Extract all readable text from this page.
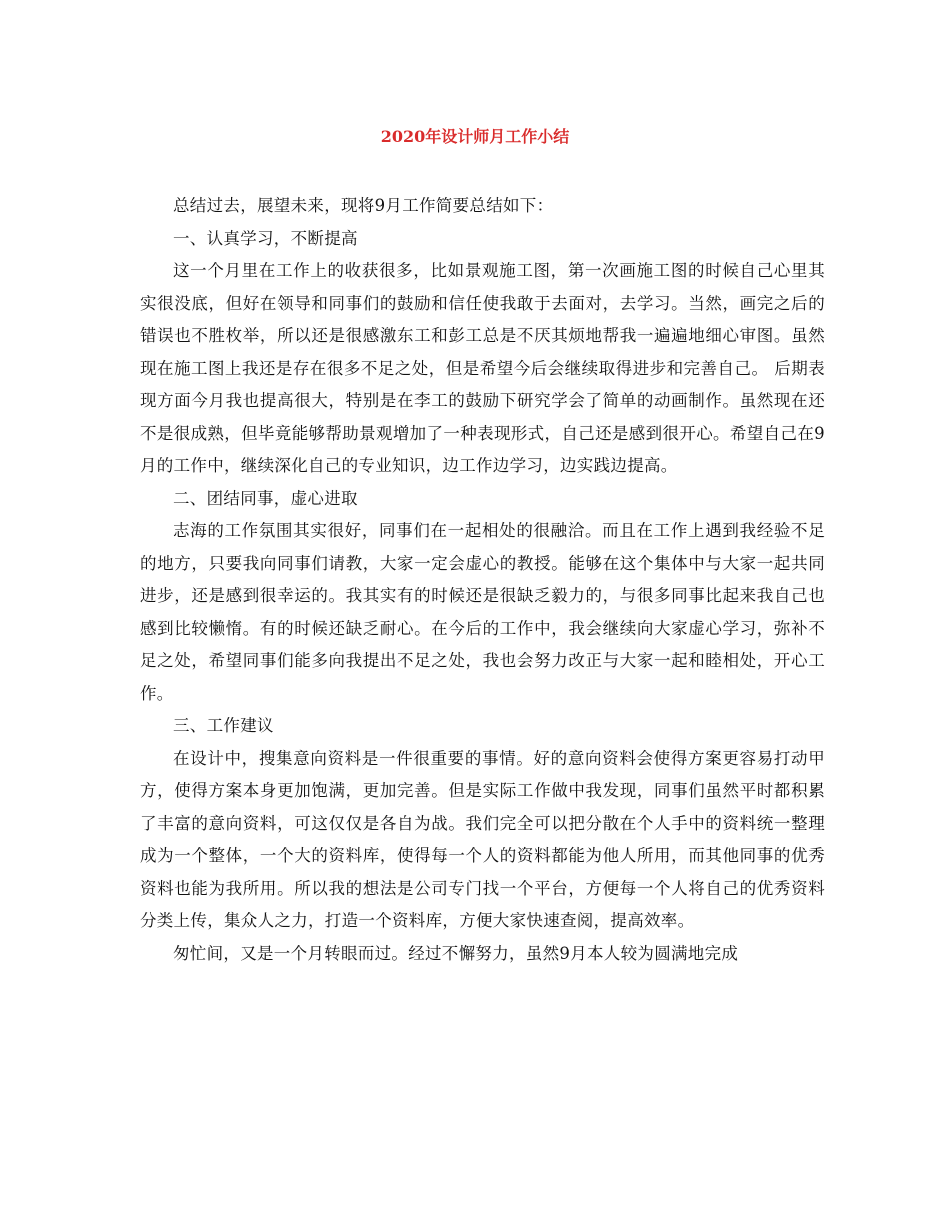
2020年设计师月工作小结

总结过去，展望未来，现将9月工作简要总结如下：

一、认真学习，不断提高

这一个月里在工作上的收获很多，比如景观施工图，第一次画施工图的时候自己心里其实很没底，但好在领导和同事们的鼓励和信任使我敢于去面对，去学习。当然，画完之后的错误也不胜枚举，所以还是很感激东工和彭工总是不厌其烦地帮我一遍遍地细心审图。虽然现在施工图上我还是存在很多不足之处，但是希望今后会继续取得进步和完善自己。 后期表现方面今月我也提高很大，特别是在李工的鼓励下研究学会了简单的动画制作。虽然现在还不是很成熟，但毕竟能够帮助景观增加了一种表现形式，自己还是感到很开心。希望自己在9月的工作中，继续深化自己的专业知识，边工作边学习，边实践边提高。

二、团结同事，虚心进取

志海的工作氛围其实很好，同事们在一起相处的很融洽。而且在工作上遇到我经验不足的地方，只要我向同事们请教，大家一定会虚心的教授。能够在这个集体中与大家一起共同进步，还是感到很幸运的。我其实有的时候还是很缺乏毅力的，与很多同事比起来我自己也感到比较懒惰。有的时候还缺乏耐心。在今后的工作中，我会继续向大家虚心学习，弥补不足之处，希望同事们能多向我提出不足之处，我也会努力改正与大家一起和睦相处，开心工作。

三、工作建议

在设计中，搜集意向资料是一件很重要的事情。好的意向资料会使得方案更容易打动甲方，使得方案本身更加饱满，更加完善。但是实际工作做中我发现，同事们虽然平时都积累了丰富的意向资料，可这仅仅是各自为战。我们完全可以把分散在个人手中的资料统一整理成为一个整体，一个大的资料库，使得每一个人的资料都能为他人所用，而其他同事的优秀资料也能为我所用。所以我的想法是公司专门找一个平台，方便每一个人将自己的优秀资料分类上传，集众人之力，打造一个资料库，方便大家快速查阅，提高效率。

匆忙间，又是一个月转眼而过。经过不懈努力，虽然9月本人较为圆满地完成
